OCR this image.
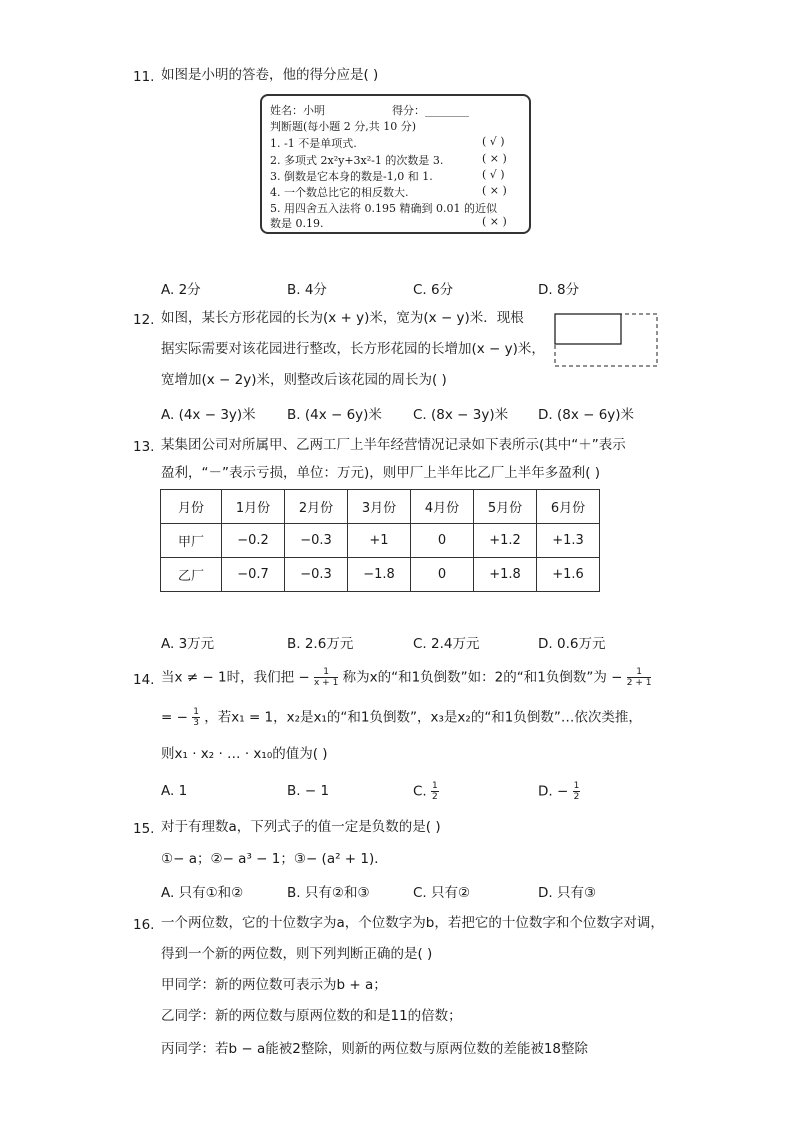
11. 如图是小明的答卷，他的得分应是( )
姓名：小明	得分：________
判断题(每小题 2 分,共 10 分)
1. -1 不是单项式.	( √ )
2. 多项式 2x²y+3x²-1 的次数是 3.	( × )
3. 倒数是它本身的数是-1,0 和 1.	( √ )
4. 一个数总比它的相反数大.	( × )
5. 用四舍五入法将 0.195 精确到 0.01 的近似
数是 0.19.	( × )
A. 2分	B. 4分	C. 6分	D. 8分
12. 如图，某长方形花园的长为(x + y)米，宽为(x − y)米．现根
据实际需要对该花园进行整改，长方形花园的长增加(x − y)米，
宽增加(x − 2y)米，则整改后该花园的周长为( )
A. (4x − 3y)米 B. (4x − 6y)米 C. (8x − 3y)米 D. (8x − 6y)米
13. 某集团公司对所属甲、乙两工厂上半年经营情况记录如下表所示(其中“＋”表示
盈利，“－”表示亏损，单位：万元)，则甲厂上半年比乙厂上半年多盈利( )
月份	1月份	2月份	3月份	4月份	5月份	6月份
甲厂	−0.2	−0.3	+1	0	+1.2	+1.3
乙厂	−0.7	−0.3	−1.8	0	+1.8	+1.6
A. 3万元	B. 2.6万元	C. 2.4万元	D. 0.6万元
14. 当x ≠ − 1时，我们把 − $\frac{1}{x + 1}$ 称为x的“和1负倒数”如：2的“和1负倒数”为 − $\frac{1}{2 + 1}$
= − $\frac{1}{3}$ ，若x₁ = 1，x₂是x₁的“和1负倒数”，x₃是x₂的“和1负倒数”…依次类推，
则x₁ · x₂ · … · x₁₀的值为( )
A. 1	B. − 1	C. $\frac{1}{2}$	D. − $\frac{1}{2}$
15. 对于有理数a，下列式子的值一定是负数的是( )
①− a；②− a³ − 1；③− (a² + 1)．
A. 只有①和②	B. 只有②和③	C. 只有②	D. 只有③
16. 一个两位数，它的十位数字为a，个位数字为b，若把它的十位数字和个位数字对调，
得到一个新的两位数，则下列判断正确的是( )
甲同学：新的两位数可表示为b + a；
乙同学：新的两位数与原两位数的和是11的倍数；
丙同学：若b − a能被2整除，则新的两位数与原两位数的差能被18整除
